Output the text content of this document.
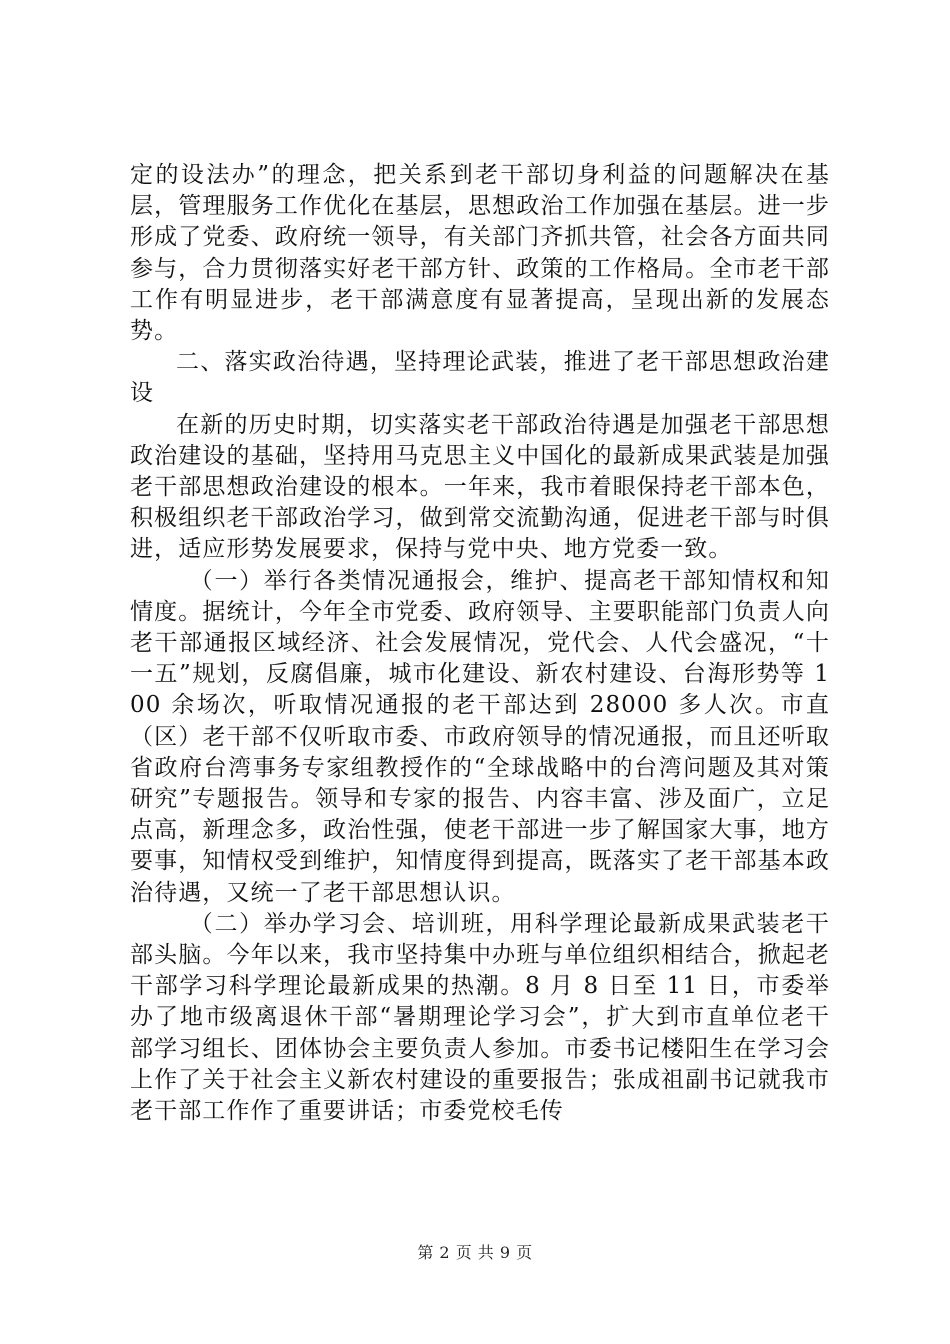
定的设法办”的理念，把关系到老干部切身利益的问题解决在基层，管理服务工作优化在基层，思想政治工作加强在基层。进一步形成了党委、政府统一领导，有关部门齐抓共管，社会各方面共同参与，合力贯彻落实好老干部方针、政策的工作格局。全市老干部工作有明显进步，老干部满意度有显著提高，呈现出新的发展态势。

二、落实政治待遇，坚持理论武装，推进了老干部思想政治建设

在新的历史时期，切实落实老干部政治待遇是加强老干部思想政治建设的基础，坚持用马克思主义中国化的最新成果武装是加强老干部思想政治建设的根本。一年来，我市着眼保持老干部本色，积极组织老干部政治学习，做到常交流勤沟通，促进老干部与时俱进，适应形势发展要求，保持与党中央、地方党委一致。

（一）举行各类情况通报会，维护、提高老干部知情权和知情度。据统计，今年全市党委、政府领导、主要职能部门负责人向老干部通报区域经济、社会发展情况，党代会、人代会盛况，“十一五”规划，反腐倡廉，城市化建设、新农村建设、台海形势等 100 余场次，听取情况通报的老干部达到 28000 多人次。市直（区）老干部不仅听取市委、市政府领导的情况通报，而且还听取省政府台湾事务专家组教授作的“全球战略中的台湾问题及其对策研究”专题报告。领导和专家的报告、内容丰富、涉及面广，立足点高，新理念多，政治性强，使老干部进一步了解国家大事，地方要事，知情权受到维护，知情度得到提高，既落实了老干部基本政治待遇，又统一了老干部思想认识。

（二）举办学习会、培训班，用科学理论最新成果武装老干部头脑。今年以来，我市坚持集中办班与单位组织相结合，掀起老干部学习科学理论最新成果的热潮。8 月 8 日至 11 日，市委举办了地市级离退休干部“暑期理论学习会”，扩大到市直单位老干部学习组长、团体协会主要负责人参加。市委书记楼阳生在学习会上作了关于社会主义新农村建设的重要报告；张成祖副书记就我市老干部工作作了重要讲话；市委党校毛传

第 2 页 共 9 页
